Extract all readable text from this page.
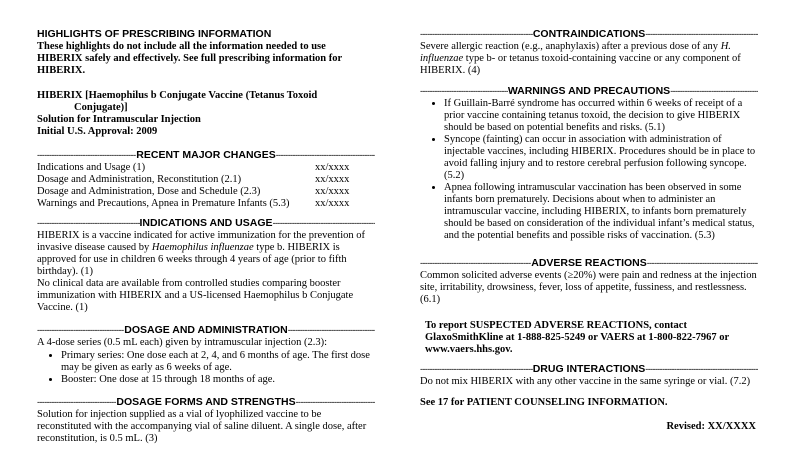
HIGHLIGHTS OF PRESCRIBING INFORMATION

These highlights do not include all the information needed to use HIBERIX safely and effectively. See full prescribing information for HIBERIX.

HIBERIX [Haemophilus b Conjugate Vaccine (Tetanus Toxoid

Conjugate)]

Solution for Intramuscular Injection

Initial U.S. Approval: 2009

-----
RECENT MAJOR CHANGES
-----
Indications and Usage (1)	xx/xxxx
Dosage and Administration, Reconstitution (2.1)	xx/xxxx
Dosage and Administration, Dose and Schedule (2.3)	xx/xxxx
Warnings and Precautions, Apnea in Premature Infants (5.3) xx/xxxx
-----
INDICATIONS AND USAGE
-----

HIBERIX is a vaccine indicated for active immunization for the prevention of invasive disease caused by Haemophilus influenzae type b. HIBERIX is approved for use in children 6 weeks through 4 years of age (prior to fifth birthday). (1)

No clinical data are available from controlled studies comparing booster immunization with HIBERIX and a US-licensed Haemophilus b Conjugate Vaccine. (1)

-----
DOSAGE AND ADMINISTRATION
-----

A 4-dose series (0.5 mL each) given by intramuscular injection (2.3):

• Primary series: One dose each at 2, 4, and 6 months of age. The first dose may be given as early as 6 weeks of age.
• Booster: One dose at 15 through 18 months of age.
-----
DOSAGE FORMS AND STRENGTHS
-----

Solution for injection supplied as a vial of lyophilized vaccine to be reconstituted with the accompanying vial of saline diluent. A single dose, after reconstitution, is 0.5 mL. (3)

-----
CONTRAINDICATIONS
-----

Severe allergic reaction (e.g., anaphylaxis) after a previous dose of any H. influenzae type b- or tetanus toxoid-containing vaccine or any component of HIBERIX. (4)

-----
WARNINGS AND PRECAUTIONS
-----
• If Guillain-Barré syndrome has occurred within 6 weeks of receipt of a prior vaccine containing tetanus toxoid, the decision to give HIBERIX should be based on potential benefits and risks. (5.1)
• Syncope (fainting) can occur in association with administration of injectable vaccines, including HIBERIX. Procedures should be in place to avoid falling injury and to restore cerebral perfusion following syncope. (5.2)
• Apnea following intramuscular vaccination has been observed in some infants born prematurely. Decisions about when to administer an intramuscular vaccine, including HIBERIX, to infants born prematurely should be based on consideration of the individual infant’s medical status, and the potential benefits and possible risks of vaccination. (5.3)
-----
ADVERSE REACTIONS
-----

Common solicited adverse events (≥20%) were pain and redness at the injection site, irritability, drowsiness, fever, loss of appetite, fussiness, and restlessness. (6.1)

To report SUSPECTED ADVERSE REACTIONS, contact GlaxoSmithKline at 1-888-825-5249 or VAERS at 1-800-822-7967 or www.vaers.hhs.gov.

-----
DRUG INTERACTIONS
-----

Do not mix HIBERIX with any other vaccine in the same syringe or vial. (7.2)

See 17 for PATIENT COUNSELING INFORMATION.

Revised: XX/XXXX
